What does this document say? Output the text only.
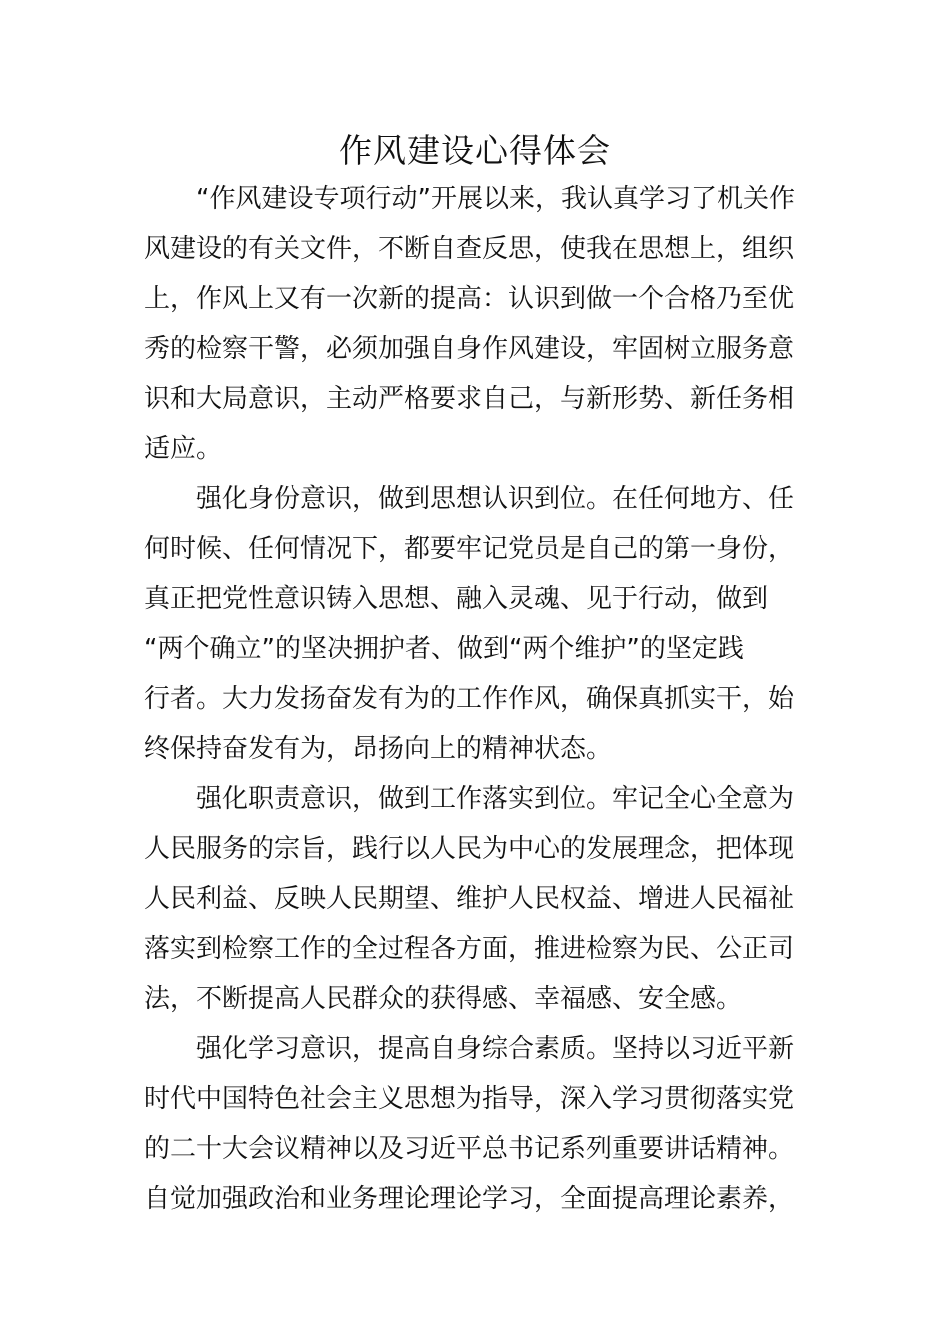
作风建设心得体会
“作风建设专项行动”开展以来，我认真学习了机关作
风建设的有关文件，不断自查反思，使我在思想上，组织
上，作风上又有一次新的提高：认识到做一个合格乃至优
秀的检察干警，必须加强自身作风建设，牢固树立服务意
识和大局意识，主动严格要求自己，与新形势、新任务相
适应。
强化身份意识，做到思想认识到位。在任何地方、任
何时候、任何情况下，都要牢记党员是自己的第一身份，
真正把党性意识铸入思想、融入灵魂、见于行动，做到
“两个确立”的坚决拥护者、做到“两个维护”的坚定践
行者。大力发扬奋发有为的工作作风，确保真抓实干，始
终保持奋发有为，昂扬向上的精神状态。
强化职责意识，做到工作落实到位。牢记全心全意为
人民服务的宗旨，践行以人民为中心的发展理念，把体现
人民利益、反映人民期望、维护人民权益、增进人民福祉
落实到检察工作的全过程各方面，推进检察为民、公正司
法，不断提高人民群众的获得感、幸福感、安全感。
强化学习意识，提高自身综合素质。坚持以习近平新
时代中国特色社会主义思想为指导，深入学习贯彻落实党
的二十大会议精神以及习近平总书记系列重要讲话精神。
自觉加强政治和业务理论理论学习，全面提高理论素养，
